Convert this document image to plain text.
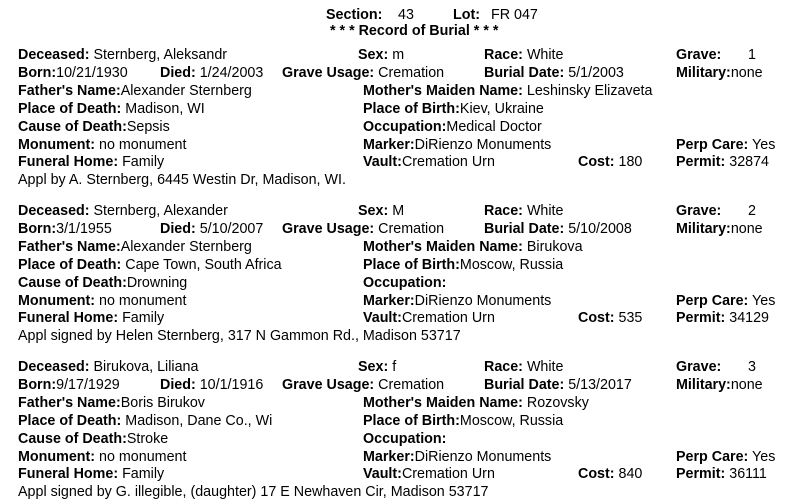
Section: 43	Lot: FR 047
* * * Record of Burial * * *
Deceased: Sternberg, Aleksandr	Sex: m	Race: White	Grave: 1
Born:10/21/1930 Died: 1/24/2003 Grave Usage: Cremation	Burial Date: 5/1/2003	Military:none
Father's Name:Alexander Sternberg	Mother's Maiden Name: Leshinsky Elizaveta
Place of Death: Madison, WI	Place of Birth:Kiev, Ukraine
Cause of Death:Sepsis	Occupation:Medical Doctor
Monument: no monument	Marker:DiRienzo Monuments	Perp Care: Yes
Funeral Home: Family	Vault:Cremation Urn	Cost: 180 Permit: 32874
Appl by A. Sternberg, 6445 Westin Dr, Madison, WI.
Deceased: Sternberg, Alexander	Sex: M	Race: White	Grave: 2
Born:3/1/1955	Died: 5/10/2007 Grave Usage: Cremation	Burial Date: 5/10/2008	Military:none
Father's Name:Alexander Sternberg	Mother's Maiden Name: Birukova
Place of Death: Cape Town, South Africa	Place of Birth:Moscow, Russia
Cause of Death:Drowning	Occupation:
Monument: no monument	Marker:DiRienzo Monuments	Perp Care: Yes
Funeral Home: Family	Vault:Cremation Urn	Cost: 535 Permit: 34129
Appl signed by Helen Sternberg, 317 N Gammon Rd., Madison 53717
Deceased: Birukova, Liliana	Sex: f	Race: White	Grave: 3
Born:9/17/1929	Died: 10/1/1916 Grave Usage: Cremation	Burial Date: 5/13/2017	Military:none
Father's Name:Boris Birukov	Mother's Maiden Name: Rozovsky
Place of Death: Madison, Dane Co., Wi	Place of Birth:Moscow, Russia
Cause of Death:Stroke	Occupation:
Monument: no monument	Marker:DiRienzo Monuments	Perp Care: Yes
Funeral Home: Family	Vault:Cremation Urn	Cost: 840 Permit: 36111
Appl signed by G. illegible, (daughter) 17 E Newhaven Cir, Madison 53717
